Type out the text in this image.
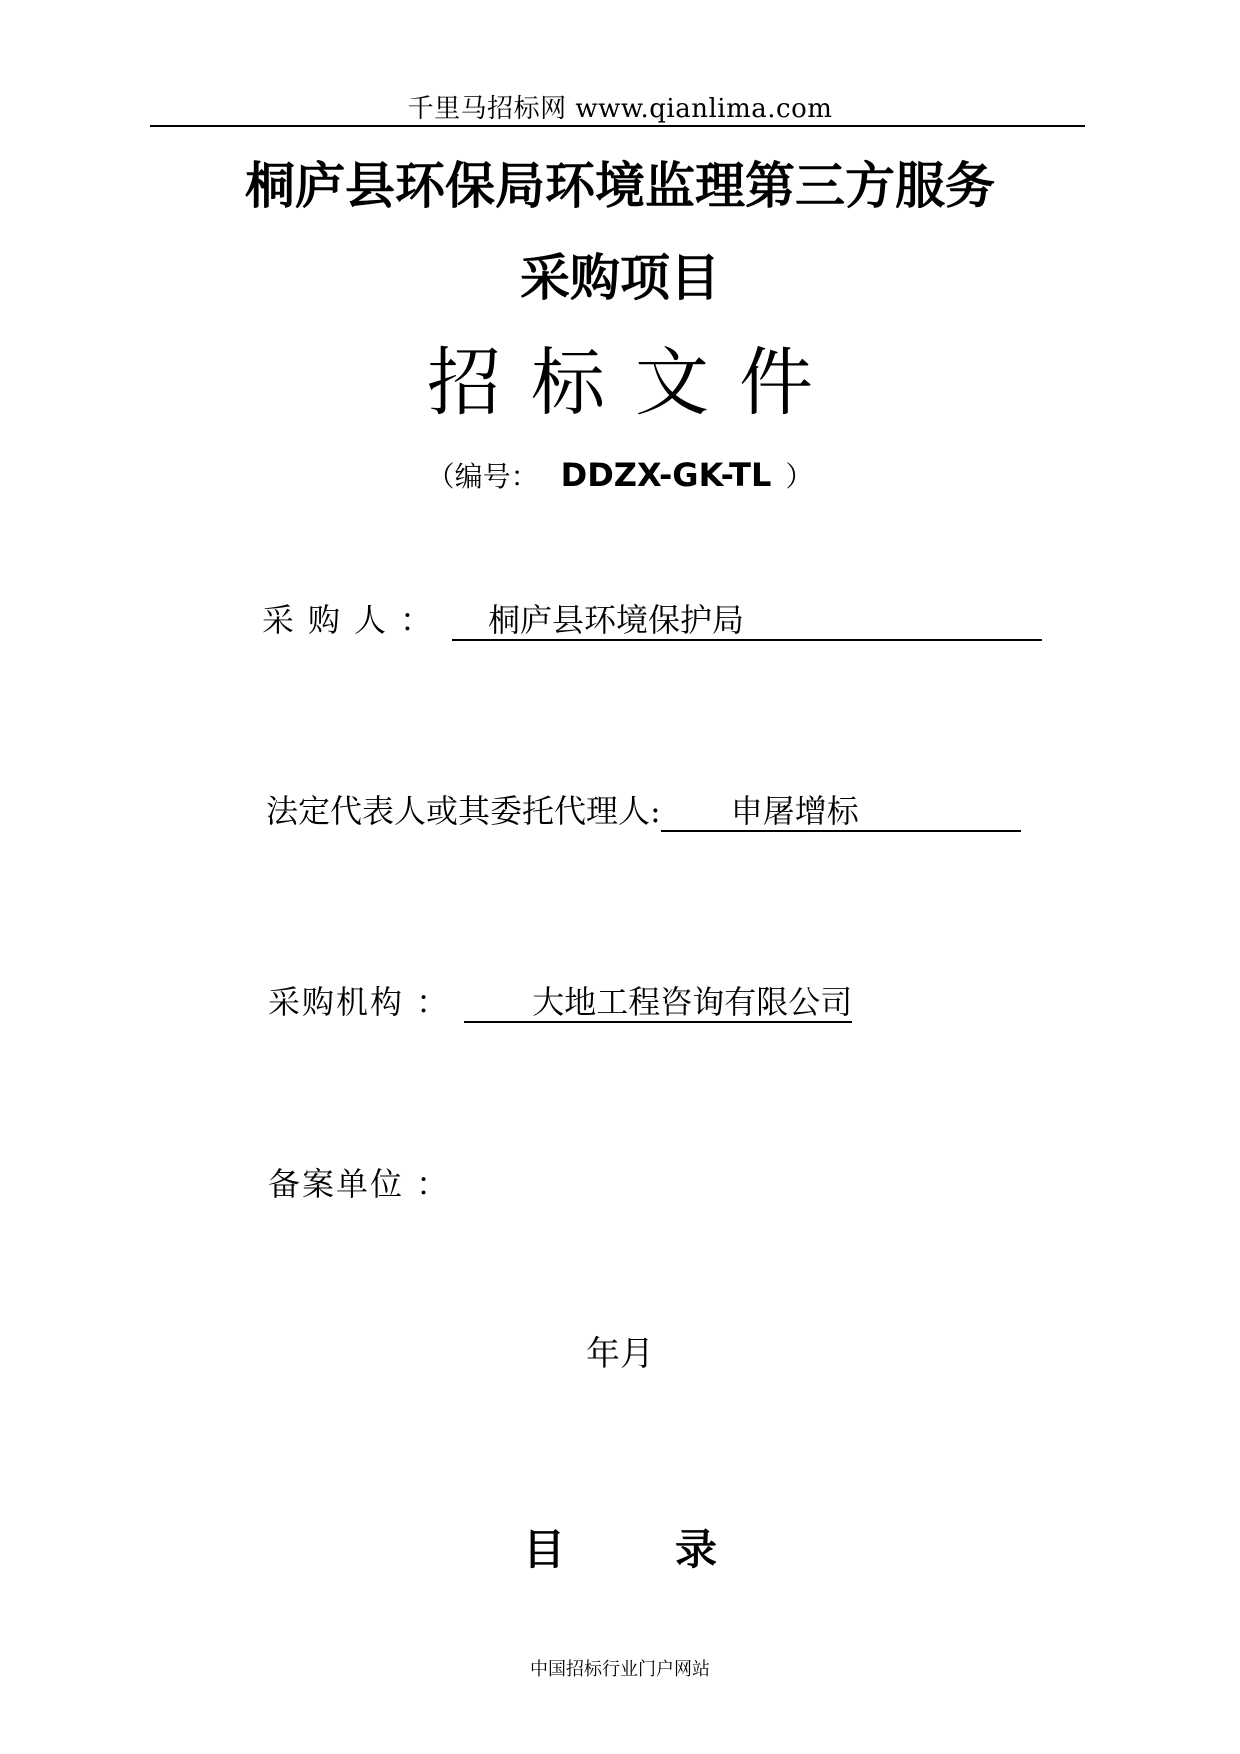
千里马招标网 www.qianlima.com
桐庐县环保局环境监理第三方服务
采购项目
招标文件
（编号： DDZX-GK-TL ）
采购人： 桐庐县环境保护局
法定代表人或其委托代理人: 申屠增标
采购机构 ：	大地工程咨询有限公司
备案单位 ：
年月
目	录
中国招标行业门户网站
